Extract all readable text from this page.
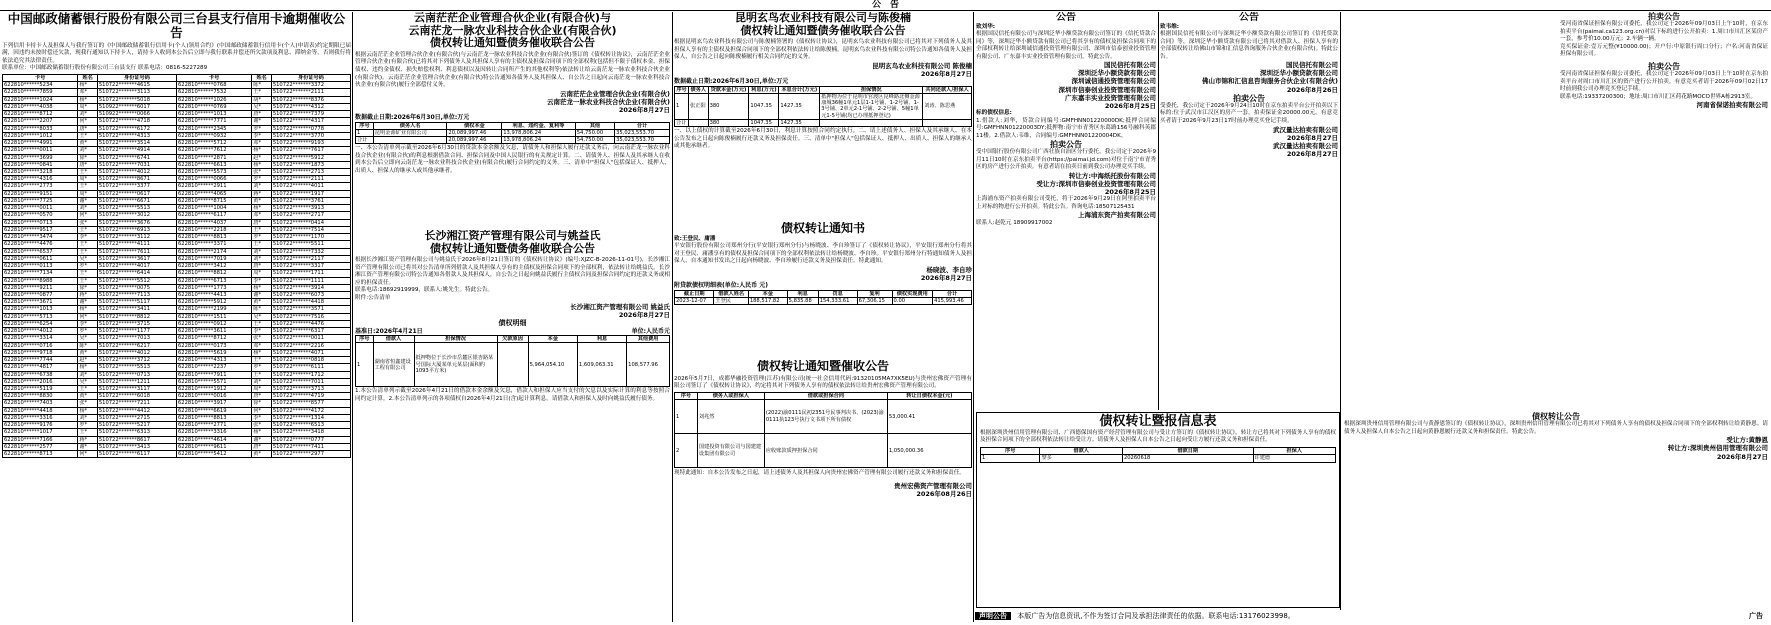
公　告
中国邮政储蓄银行股份有限公司三台县支行信用卡逾期催收公告
下列信用卡持卡人及担保人与我行签订的《中国邮政储蓄银行信用卡(个人)领用合约》(中国邮政储蓄银行信用卡(个人)申请表)约定期限已届满，因违约未按时偿还欠款，现我行通知以下持卡人，请持卡人收到本公告后立即与我行联系并偿还所欠款项及利息、滞纳金等，否则我行将依法追究其法律责任。
联系单位：中国邮政储蓄银行股份有限公司三台县支行 联系电话：0816-5227289
卡号	姓名	身份证号码	卡号	姓名	身份证号码
622810******5234	杨*	510722*******4615	622810******0768	陈*	510722*******3372
622810******7859	邓*	510722*******3113	622810******7532	王*	510722*******2111
622810******1024	杨*	510722*******5018	622810******1026	胡*	510722*******8376
622810******4038	周*	510922*******6017	622810******0769	吴*	510722*******4312
622810******8712	刘*	510922*******0066	622810******1013	唐*	510722*******7379
622810******2207	何*	510722*******4718	622810******7771	谢*	510722*******4317
622810******8033	唐*	510722*******6172	622810******2345	罗*	510722*******0778
622810******1012	王*	510722*******4313	622810******0932	李*	510722*******3770
622810******4991	黄*	510722*******3514	622810******5712	邓*	510722*******9193
622810******0011	刘*	510722*******4914	622810******7612	杨*	510722*******7617
622810******3699	徐*	510722*******6741	622810******2871	赵*	510722*******5912
622810******0841	唐*	510722*******7031	622810******6613	杨*	510722*******1873
622810******3218	王*	510722*******4012	622810******5573	张*	510722*******2713
622810******4316	周*	510722*******8671	622810******0066	罗*	510722*******2111
622810******2773	王*	510722*******3377	622810******2911	刘*	510722*******4011
622810******9151	周*	510722*******0617	622810******4065	蒋*	510722*******1917
622810******7725	谢*	510722*******6671	622810******8715	黄*	510722*******3761
622810******0011	刘*	510722*******5513	622810******1004	杨*	510722*******3913
622810******0570	何*	510722*******3012	622810******6117	邓*	510722*******2717
622810******0713	张*	510722*******3676	622810******4037	唐*	510722*******0414
622810******9517	王*	510722*******6913	622810******2218	王*	510722*******7514
622810******3474	李*	510722*******3112	622810******8813	罗*	510722*******1170
622810******4476	王*	510722*******4111	622810******3371	王*	510722*******5511
622810******6537	王*	510722*******7611	622810******2174	刘*	510722*******7332
622810******0611	吴*	510722*******3617	622810******7019	刘*	510722*******2117
622810******0113	罗*	510722*******4017	622810******3412	唐*	510722*******3317
622810******7134	王*	510722*******6414	622810******8812	周*	510722*******1711
622810******8988	王*	510722*******5512	622810******6713	李*	510722*******1111
622810******9211	徐*	510722*******0075	622810******1773	杨*	510722*******3914
622810******0877	蒋*	510722*******7113	622810******4413	谢*	510722*******6073
622810******3671	谢*	510722*******5117	622810******5912	黄*	510722*******4418
622810******1013	杨*	510722*******3411	622810******2199	陈*	510722*******3571
622810******5713	何*	510722*******8812	622810******1511	吴*	510722*******7516
622810******6254	李*	510722*******3715	622810******0912	王*	510722*******4476
622810******4012	罗*	510722*******1177	622810******3611	李*	510722*******6317
622810******3314	吴*	510722*******7013	622810******8712	张*	510722*******0011
622810******0716	陈*	510722*******6217	622810******0173	邓*	510722*******2216
622810******9718	黄*	510722*******4012	622810******5619	杨*	510722*******4071
622810******7744	赵*	510722*******3712	622810******4313	王*	510722*******0818
622810******4817	杨*	510722*******5513	622810******2237	罗*	510722*******6111
622810******6738	刘*	510722*******0713	622810******7911	王*	510722*******1712
622810******2016	吴*	510722*******1211	622810******5571	刘*	510722*******7011
622810******5119	王*	510722*******3117	622810******1912	周*	510722*******3713
622810******8830	黄*	510722*******6018	622810******0016	唐*	510722*******4719
622810******7403	张*	510722*******7211	622810******3917	徐*	510722*******8577
622810******4418	杨*	510722*******4412	622810******6619	何*	510722*******4172
622810******3316	刘*	510722*******2715	622810******8813	李*	510722*******1314
622810******9176	罗*	510722*******5217	622810******2771	张*	510722*******6513
622810******1017	王*	510722*******6313	622810******3316	杨*	510722*******3418
622810******7166	蒋*	510722*******8617	622810******4614	谢*	510722*******0777
622810******2577	谢*	510722*******3413	622810******9611	唐*	510722*******7411
622810******8713	何*	510722*******6117	622810******5412	黄*	510722*******2977
云南茫茫企业管理合伙企业(有限合伙)与
云南茫龙一脉农业科技合伙企业(有限合伙)
债权转让通知暨债务催收联合公告
根据云南茫茫企业管理合伙企业(有限合伙)与云南茫龙一脉农业科技合伙企业(有限合伙)签订的《债权转让协议》，云南茫茫企业管理合伙企业(有限合伙)已将其对下列债务人及其担保人享有的主债权及担保合同项下的全部权利(包括但不限于债权本金、担保债权、违约金债权、损失赔偿权利、利息债权以及因转让合同所产生的其他权利等)依法转让给云南茫龙一脉农业科技合伙企业(有限合伙)。云南茫茫企业管理合伙企业(有限合伙)特公告通知各债务人及其担保人、自公告之日起向云南茫龙一脉农业科技合伙企业(有限合伙)履行全部偿付义务。
云南茫茫企业管理合伙企业(有限合伙)
云南茫龙一脉农业科技合伙企业(有限合伙)
2026年8月27日
数据截止日期:2026年6月30日,单位:万元
序号	债务人名	债权本金	利息、违约金、复利等	其他	合计
1	昆明金源矿业有限公司	20,089,997.46	13,978,806.24	54,750.00	35,023,553.70
合计		20,089,997.46	13,978,806.24	54,750.00	35,023,553.70
一、本公告清单列示截至2026年6月30日的贷款本金余额及欠息，请债务人和担保人履行还款义务后，向云南茫龙一脉农业科技合伙企业(有限合伙)的利息根据借款合同、担保合同及中国人民银行的有关规定计算。二、请债务人、担保人及其承继人在收到本公告后立即向云南茫龙一脉农业科技合伙企业(有限合伙)履行合同约定的义务。三、清单中"担保人"包括保证人、抵押人、出质人、担保人的继承人或其他承继者。
长沙湘江资产管理有限公司与姚益氏
债权转让通知暨债务催收联合公告
根据长沙湘江资产管理有限公司与姚益氏于2026年8月21日签订的《债权转让协议》(编号:XJZC-B-2026-11-01号)，长沙湘江资产管理有限公司已将其对公告清单所列借款人及其担保人享有的主债权及担保合同项下的全部权利，依法转让给姚益氏。长沙湘江资产管理有限公司特公告通知各借款人及其担保人，自公告之日起向姚益氏履行主债权合同及担保合同约定的还款义务或相应的担保责任。
联系电话:18692919999，联系人:姚先生。特此公告。
附件:公告清单
长沙湘江资产管理有限公司 姚益氏
2026年8月27日
债权明细
基准日:2026年4月21日	单位:人民币元
序号	借款人	担保情况	欠款原因	本金	利息	其他费用
1	湖南省恒鑫建设工程有限公司	抵押物位于长沙市岳麓区银杏路某号国际大厦某单元某层(面积约1093平方米)		5,964,054.10	1,609,063.31	108,577.96
1.本公告清单列示截至2026年4月21日的借款本金余额及欠息，借款人和担保人应当支付的欠息以及实际计算的利息等按照合同约定计算。2.本公告清单列示的各项债权自2026年4月21日(含)起计算利息。请借款人和担保人及时向姚益氏履行债务。
昆明玄鸟农业科技有限公司与陈俊楠
债权转让通知暨债务催收联合公告
根据昆明玄鸟农业科技有限公司与陈俊楠签署的《债权转让协议》，昆明玄鸟农业科技有限公司已将其对下列债务人及其担保人享有的主债权及担保合同项下的全部权利依法转让给陈俊楠。昆明玄鸟农业科技有限公司特公告通知各债务人及担保人，自公告之日起向陈俊楠履行相关合同约定的义务。
昆明玄鸟农业科技有限公司 陈俊楠
2026年8月27日
数据截止日期:2026年6月30日,单位:万元
序号	债务人	贷款本金(万元)	利息(万元)	本息合计(万元)	担保情况	共同还款人/担保人
1	张正阳	380	1047.35	1427.35	抵押物为位于昆明市官渡区昆峰路北侧金源康城36幢1单元1层1-1号铺、1-2号铺、1-3号铺、2单元2-1号铺、2-2号铺、5幢1单元1-5号铺(均已办理抵押登记)	刘涛、陈思燕
合计		380	1047.35	1427.35		
一、以上债权的计算截至2026年6月30日，利息计算按照合同约定执行。二、请上述债务人、担保人及其承继人、在本公告发布之日起向陈俊楠履行还款义务及担保责任。三、清单中"担保人"包括保证人、抵押人、出质人、担保人的继承人或其他承继者。
债权转让通知书
致:王登民、庸潘
平安银行股份有限公司郑州分行(平安银行郑州分行)与杨晓波、李自珍签订了《债权转让协议》，平安银行郑州分行将其对王登民、庸潘享有的债权及担保合同项下的全部权利依法转让给杨晓波、李自珍。平安银行郑州分行特通知债务人及担保人，自本通知书发出之日起向杨晓波、李自珍履行还款义务及担保责任。特此通知。
杨晓波、李自珍
2026年8月27日
附贷款债权明细表(单位:人民币 元)
截止日期	借款人姓名	本金	利息	罚息	复利	债权实现费用	合计
2023-12-07	王登民	188,517.82	5,835.88	154,333.61	67,306.15	0.00	415,993.46
债权转让通知暨催收公告
2026年5月7日，成都华融投资管理(江苏)有限公司(统一社会信用代码:91320105MA7XK5EU)与贵州宏佛资产管理有限公司签订了《债权转让协议》，约定将其对下列债务人享有的债权依法转让给贵州宏佛资产管理有限公司。
序号	债务人或担保人	借款或担保合同	转让日债权本金(元)
1	刘兆然	(2022)渝0111民初2351号民事判决书、(2023)渝0111执123号执行文书项下所有债权	53,000.41
2	国建投资有限公司与国建建设集团有限公司	应收账款质押担保合同	1,050,000.36
现特此通知：自本公告发布之日起，请上述债务人及其担保人向贵州宏佛资产管理有限公司履行还款义务和担保责任。
贵州宏佛资产管理有限公司
2026年08月26日
公告
致刘华:
根据国民信托有限公司与深圳泛华小额贷款有限公司签订的《信托贷款合同》等，深圳泛华小额贷款有限公司已将其享有的债权及担保合同项下的全部权利转让给深圳诚信通投资管理有限公司、深圳市信泰创业投资管理有限公司、广东嘉丰实业投资管理有限公司。特此公告。
国民信托有限公司
深圳泛华小额贷款有限公司
深圳诚信通投资管理有限公司
深圳市信泰创业投资管理有限公司
广东嘉丰实业投资管理有限公司
2026年8月25日
标的债权信息:
1.借款人:刘华，贷款合同编号:GMFHNN01220000DK;抵押合同编号:GMFHNN01220003DY;抵押物:南宁市青秀区东葛路156号融科英郡11楼。2.借款人:韦维，合同编号:GMFHNN01220004DK。
拍卖公告
受中国银行股份有限公司广西壮族自治区分行委托，我公司定于2026年9月11日10时在京东拍卖平台(https://paimai.jd.com)对位于南宁市青秀区的房产进行公开拍卖。有意者请在拍卖日前到我公司办理竞买手续。
转让方:中海纸托股份有限公司
受让方:深圳市信泰创业投资管理有限公司
2026年8月25日
上海浦东资产拍卖有限公司受托，将于2026年9月29日在阿里拍卖平台上对标的物进行公开拍卖。特此公告。咨询电话:18507125431
上海浦东资产拍卖有限公司
联系人:赵乾元 18909917002
公告
致韦维:
根据国民信托有限公司与深圳泛华小额贷款有限公司签订的《信托贷款合同》等，深圳泛华小额贷款有限公司已将其对借款人、担保人享有的全部债权转让给佛山市锦和汇信息咨询服务合伙企业(有限合伙)。特此公告。
国民信托有限公司
深圳泛华小额贷款有限公司
佛山市锦和汇信息咨询服务合伙企业(有限合伙)
2026年8月26日
拍卖公告
受委托，我公司定于2026年9月24日10时在京东拍卖平台公开拍卖以下标的:位于武汉市江汉区的房产一套。拍卖保证金20000.00元。有意竞买者请于2026年9月23日17时前办理竞买登记手续。
武汉量达拍卖有限公司
2026年8月27日
武汉量达拍卖有限公司
2026年8月27日
拍卖公告
受河南省保证担保有限公司委托，我公司定于2026年09月03日上午10时，在京东拍卖平台(paimai.ca123.org.cn)对以下标的进行公开拍卖：1.周口市川汇区某房产一套，参考价10.00万元；2.车辆一辆。
竞买保证金:壹万元整(¥10000.00)；开户行:中原银行周口分行；户名:河南省保证担保有限公司。
拍卖公告
受河南省保证担保有限公司委托，我公司定于2026年09月03日上午10时在京东拍卖平台对周口市川汇区的资产进行公开拍卖。有意竞买者请于2026年09月02日17时前到我公司办理竞买登记手续。
联系电话:19337200300；地址:周口市川汇区荷花路MOCO世界A栋2913室。
河南省保诺拍卖有限公司
债权转让暨报信息表
根据深圳贵州信用管理有限公司、广西德保国有资产经营管理有限公司与受让方签订的《债权转让协议》，转让方已将其对下列债务人享有的债权及担保合同项下的全部权利依法转让给受让方。请债务人及担保人自本公告之日起向受让方履行还款义务和担保责任。
序号	借款人	借款日期	担保人
1	黎多	20260618	许建德
债权转让公告
根据深圳贵州信用管理有限公司与黄静恩签订的《债权转让协议》，深圳贵州信用管理有限公司已将其对下列债务人享有的债权及担保合同项下的全部权利转让给黄静恩。请债务人及担保人自本公告之日起向黄静恩履行还款义务和担保责任。特此公告。
受让方:黄静恩
转让方:深圳贵州信用管理有限公司
2026年8月27日
声明公告 本版广告为信息资讯,不作为签订合同及承担法律责任的依据。联系电话:13176023998。	广告
